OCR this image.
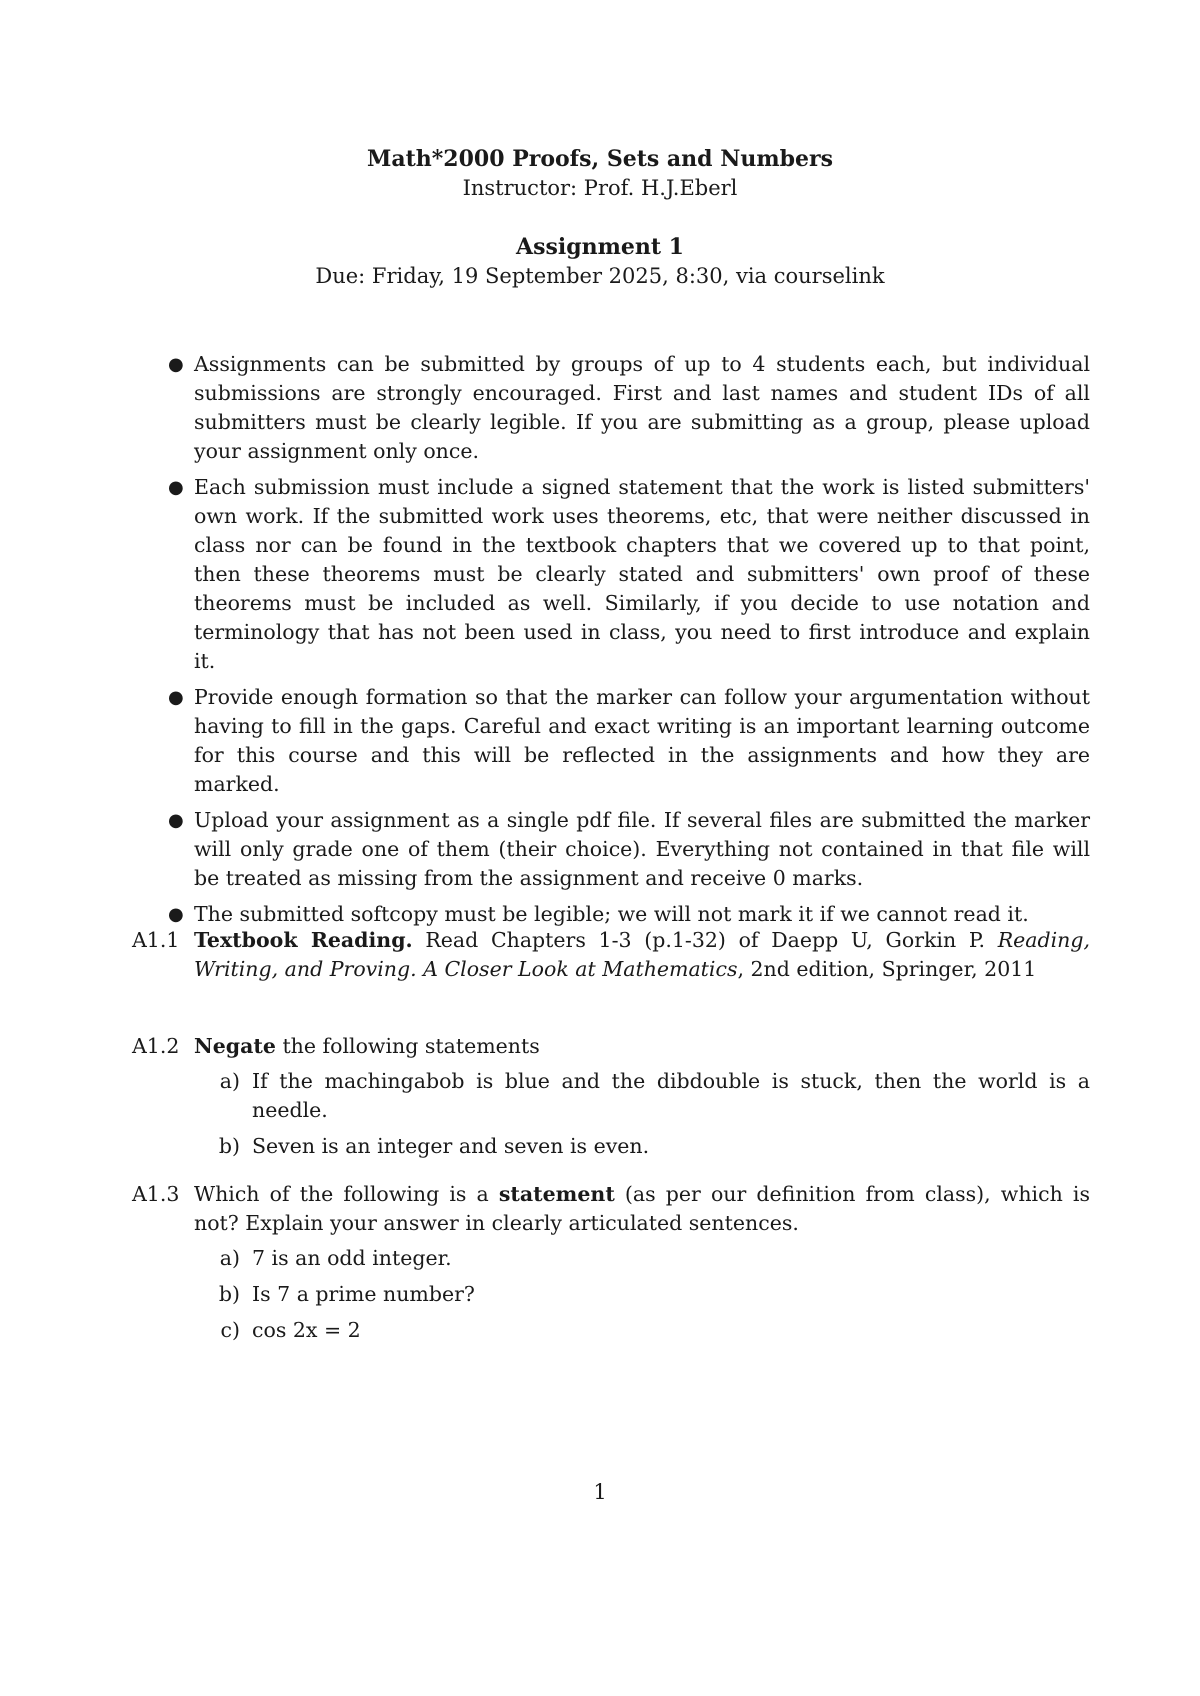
Math*2000 Proofs, Sets and Numbers
Instructor: Prof. H.J.Eberl
Assignment 1
Due: Friday, 19 September 2025, 8:30, via courselink
● Assignments can be submitted by groups of up to 4 students each, but individual submissions are strongly encouraged. First and last names and student IDs of all submitters must be clearly legible. If you are submitting as a group, please upload your assignment only once.
● Each submission must include a signed statement that the work is listed submitters' own work. If the submitted work uses theorems, etc, that were neither discussed in class nor can be found in the textbook chapters that we covered up to that point, then these theorems must be clearly stated and submitters' own proof of these theorems must be included as well. Similarly, if you decide to use notation and terminology that has not been used in class, you need to first introduce and explain it.
● Provide enough formation so that the marker can follow your argumentation without having to fill in the gaps. Careful and exact writing is an important learning outcome for this course and this will be reflected in the assignments and how they are marked.
● Upload your assignment as a single pdf file. If several files are submitted the marker will only grade one of them (their choice). Everything not contained in that file will be treated as missing from the assignment and receive 0 marks.
● The submitted softcopy must be legible; we will not mark it if we cannot read it.
A1.1 Textbook Reading. Read Chapters 1-3 (p.1-32) of Daepp U, Gorkin P. Reading, Writing, and Proving. A Closer Look at Mathematics, 2nd edition, Springer, 2011
A1.2 Negate the following statements
a) If the machingabob is blue and the dibdouble is stuck, then the world is a needle.
b) Seven is an integer and seven is even.
A1.3 Which of the following is a statement (as per our definition from class), which is not? Explain your answer in clearly articulated sentences.
a) 7 is an odd integer.
b) Is 7 a prime number?
c) cos 2x = 2
1
